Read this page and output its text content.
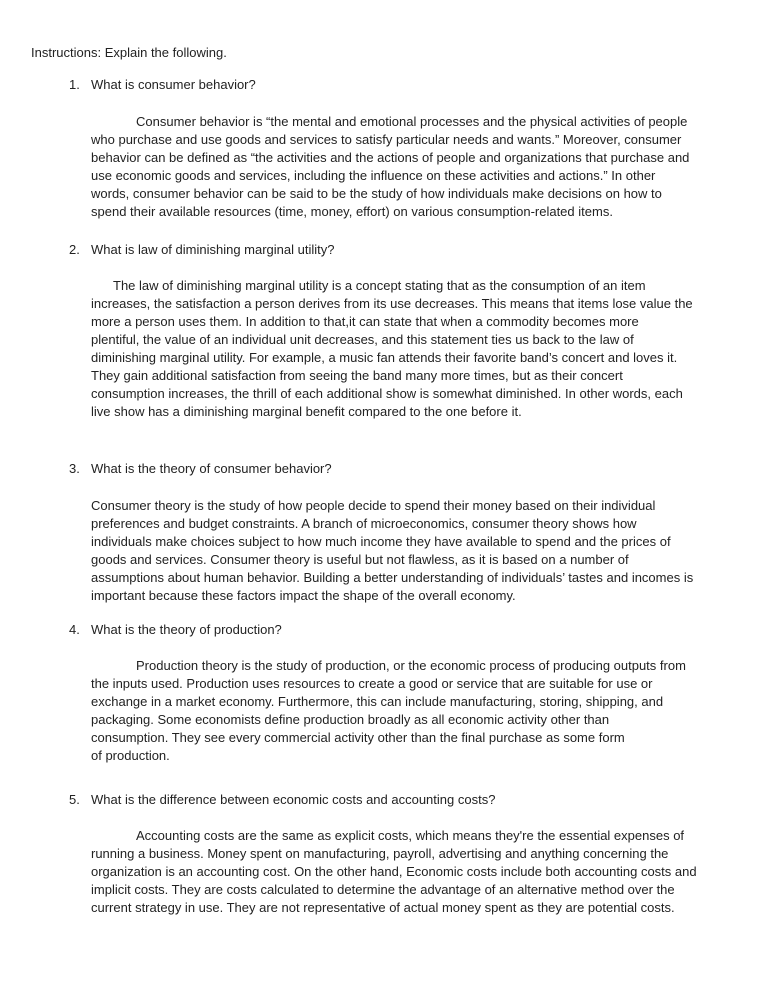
Instructions: Explain the following.
1. What is consumer behavior?
Consumer behavior is “the mental and emotional processes and the physical activities of people
who purchase and use goods and services to satisfy particular needs and wants.” Moreover, consumer
behavior can be defined as “the activities and the actions of people and organizations that purchase and
use economic goods and services, including the influence on these activities and actions.” In other
words, consumer behavior can be said to be the study of how individuals make decisions on how to
spend their available resources (time, money, effort) on various consumption-related items.
2. What is law of diminishing marginal utility?
The law of diminishing marginal utility is a concept stating that as the consumption of an item
increases, the satisfaction a person derives from its use decreases. This means that items lose value the
more a person uses them. In addition to that,it can state that when a commodity becomes more
plentiful, the value of an individual unit decreases, and this statement ties us back to the law of
diminishing marginal utility. For example, a music fan attends their favorite band’s concert and loves it.
They gain additional satisfaction from seeing the band many more times, but as their concert
consumption increases, the thrill of each additional show is somewhat diminished. In other words, each
live show has a diminishing marginal benefit compared to the one before it.
3. What is the theory of consumer behavior?
Consumer theory is the study of how people decide to spend their money based on their individual
preferences and budget constraints. A branch of microeconomics, consumer theory shows how
individuals make choices subject to how much income they have available to spend and the prices of
goods and services. Consumer theory is useful but not flawless, as it is based on a number of
assumptions about human behavior. Building a better understanding of individuals’ tastes and incomes is
important because these factors impact the shape of the overall economy.
4. What is the theory of production?
Production theory is the study of production, or the economic process of producing outputs from
the inputs used. Production uses resources to create a good or service that are suitable for use or
exchange in a market economy. Furthermore, this can include manufacturing, storing, shipping, and
packaging. Some economists define production broadly as all economic activity other than
consumption. They see every commercial activity other than the final purchase as some form
of production.
5. What is the difference between economic costs and accounting costs?
Accounting costs are the same as explicit costs, which means they're the essential expenses of
running a business. Money spent on manufacturing, payroll, advertising and anything concerning the
organization is an accounting cost. On the other hand, Economic costs include both accounting costs and
implicit costs. They are costs calculated to determine the advantage of an alternative method over the
current strategy in use. They are not representative of actual money spent as they are potential costs.
